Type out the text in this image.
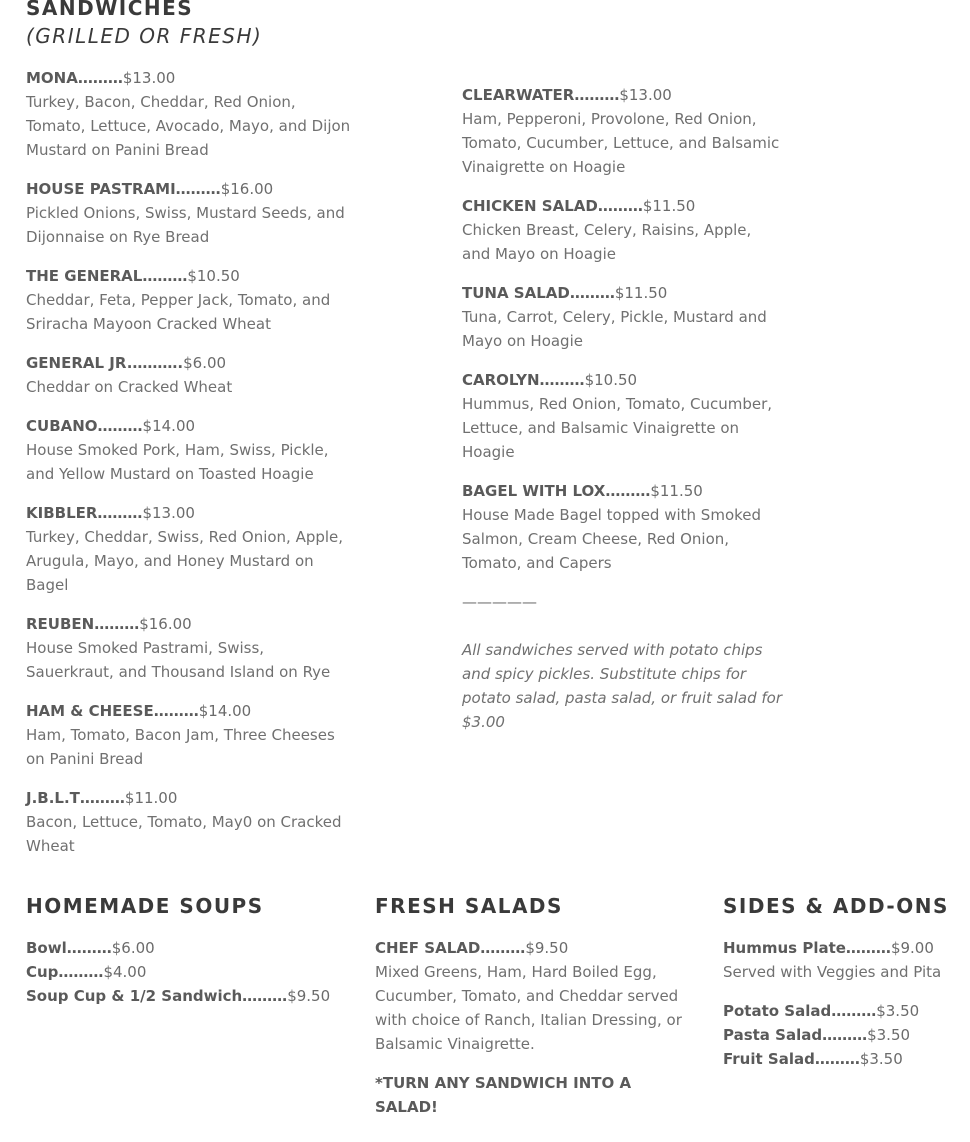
SANDWICHES
(GRILLED OR FRESH)
MONA………$13.00
Turkey, Bacon, Cheddar, Red Onion, Tomato, Lettuce, Avocado, Mayo, and Dijon Mustard on Panini Bread
HOUSE PASTRAMI………$16.00
Pickled Onions, Swiss, Mustard Seeds, and Dijonnaise on Rye Bread
THE GENERAL………$10.50
Cheddar, Feta, Pepper Jack, Tomato, and Sriracha Mayoon Cracked Wheat
GENERAL JR.……….$6.00
Cheddar on Cracked Wheat
CUBANO………$14.00
House Smoked Pork, Ham, Swiss, Pickle, and Yellow Mustard on Toasted Hoagie
KIBBLER………$13.00
Turkey, Cheddar, Swiss, Red Onion, Apple, Arugula, Mayo, and Honey Mustard on Bagel
REUBEN………$16.00
House Smoked Pastrami, Swiss, Sauerkraut, and Thousand Island on Rye
HAM & CHEESE………$14.00
Ham, Tomato, Bacon Jam, Three Cheeses on Panini Bread
J.B.L.T………$11.00
Bacon, Lettuce, Tomato, May0 on Cracked Wheat
CLEARWATER………$13.00
Ham, Pepperoni, Provolone, Red Onion, Tomato, Cucumber, Lettuce, and Balsamic Vinaigrette on Hoagie
CHICKEN SALAD………$11.50
Chicken Breast, Celery, Raisins, Apple, and Mayo on Hoagie
TUNA SALAD………$11.50
Tuna, Carrot, Celery, Pickle, Mustard and Mayo on Hoagie
CAROLYN………$10.50
Hummus, Red Onion, Tomato, Cucumber, Lettuce, and Balsamic Vinaigrette on Hoagie
BAGEL WITH LOX………$11.50
House Made Bagel topped with Smoked Salmon, Cream Cheese, Red Onion, Tomato, and Capers
—————
All sandwiches served with potato chips and spicy pickles. Substitute chips for potato salad, pasta salad, or fruit salad for $3.00
HOMEMADE SOUPS
Bowl………$6.00
Cup………$4.00
Soup Cup & 1/2 Sandwich………$9.50
FRESH SALADS
CHEF SALAD………$9.50
Mixed Greens, Ham, Hard Boiled Egg, Cucumber, Tomato, and Cheddar served with choice of Ranch, Italian Dressing, or Balsamic Vinaigrette.
*TURN ANY SANDWICH INTO A SALAD!
SIDES & ADD-ONS
Hummus Plate………$9.00
Served with Veggies and Pita
Potato Salad………$3.50
Pasta Salad………$3.50
Fruit Salad………$3.50
